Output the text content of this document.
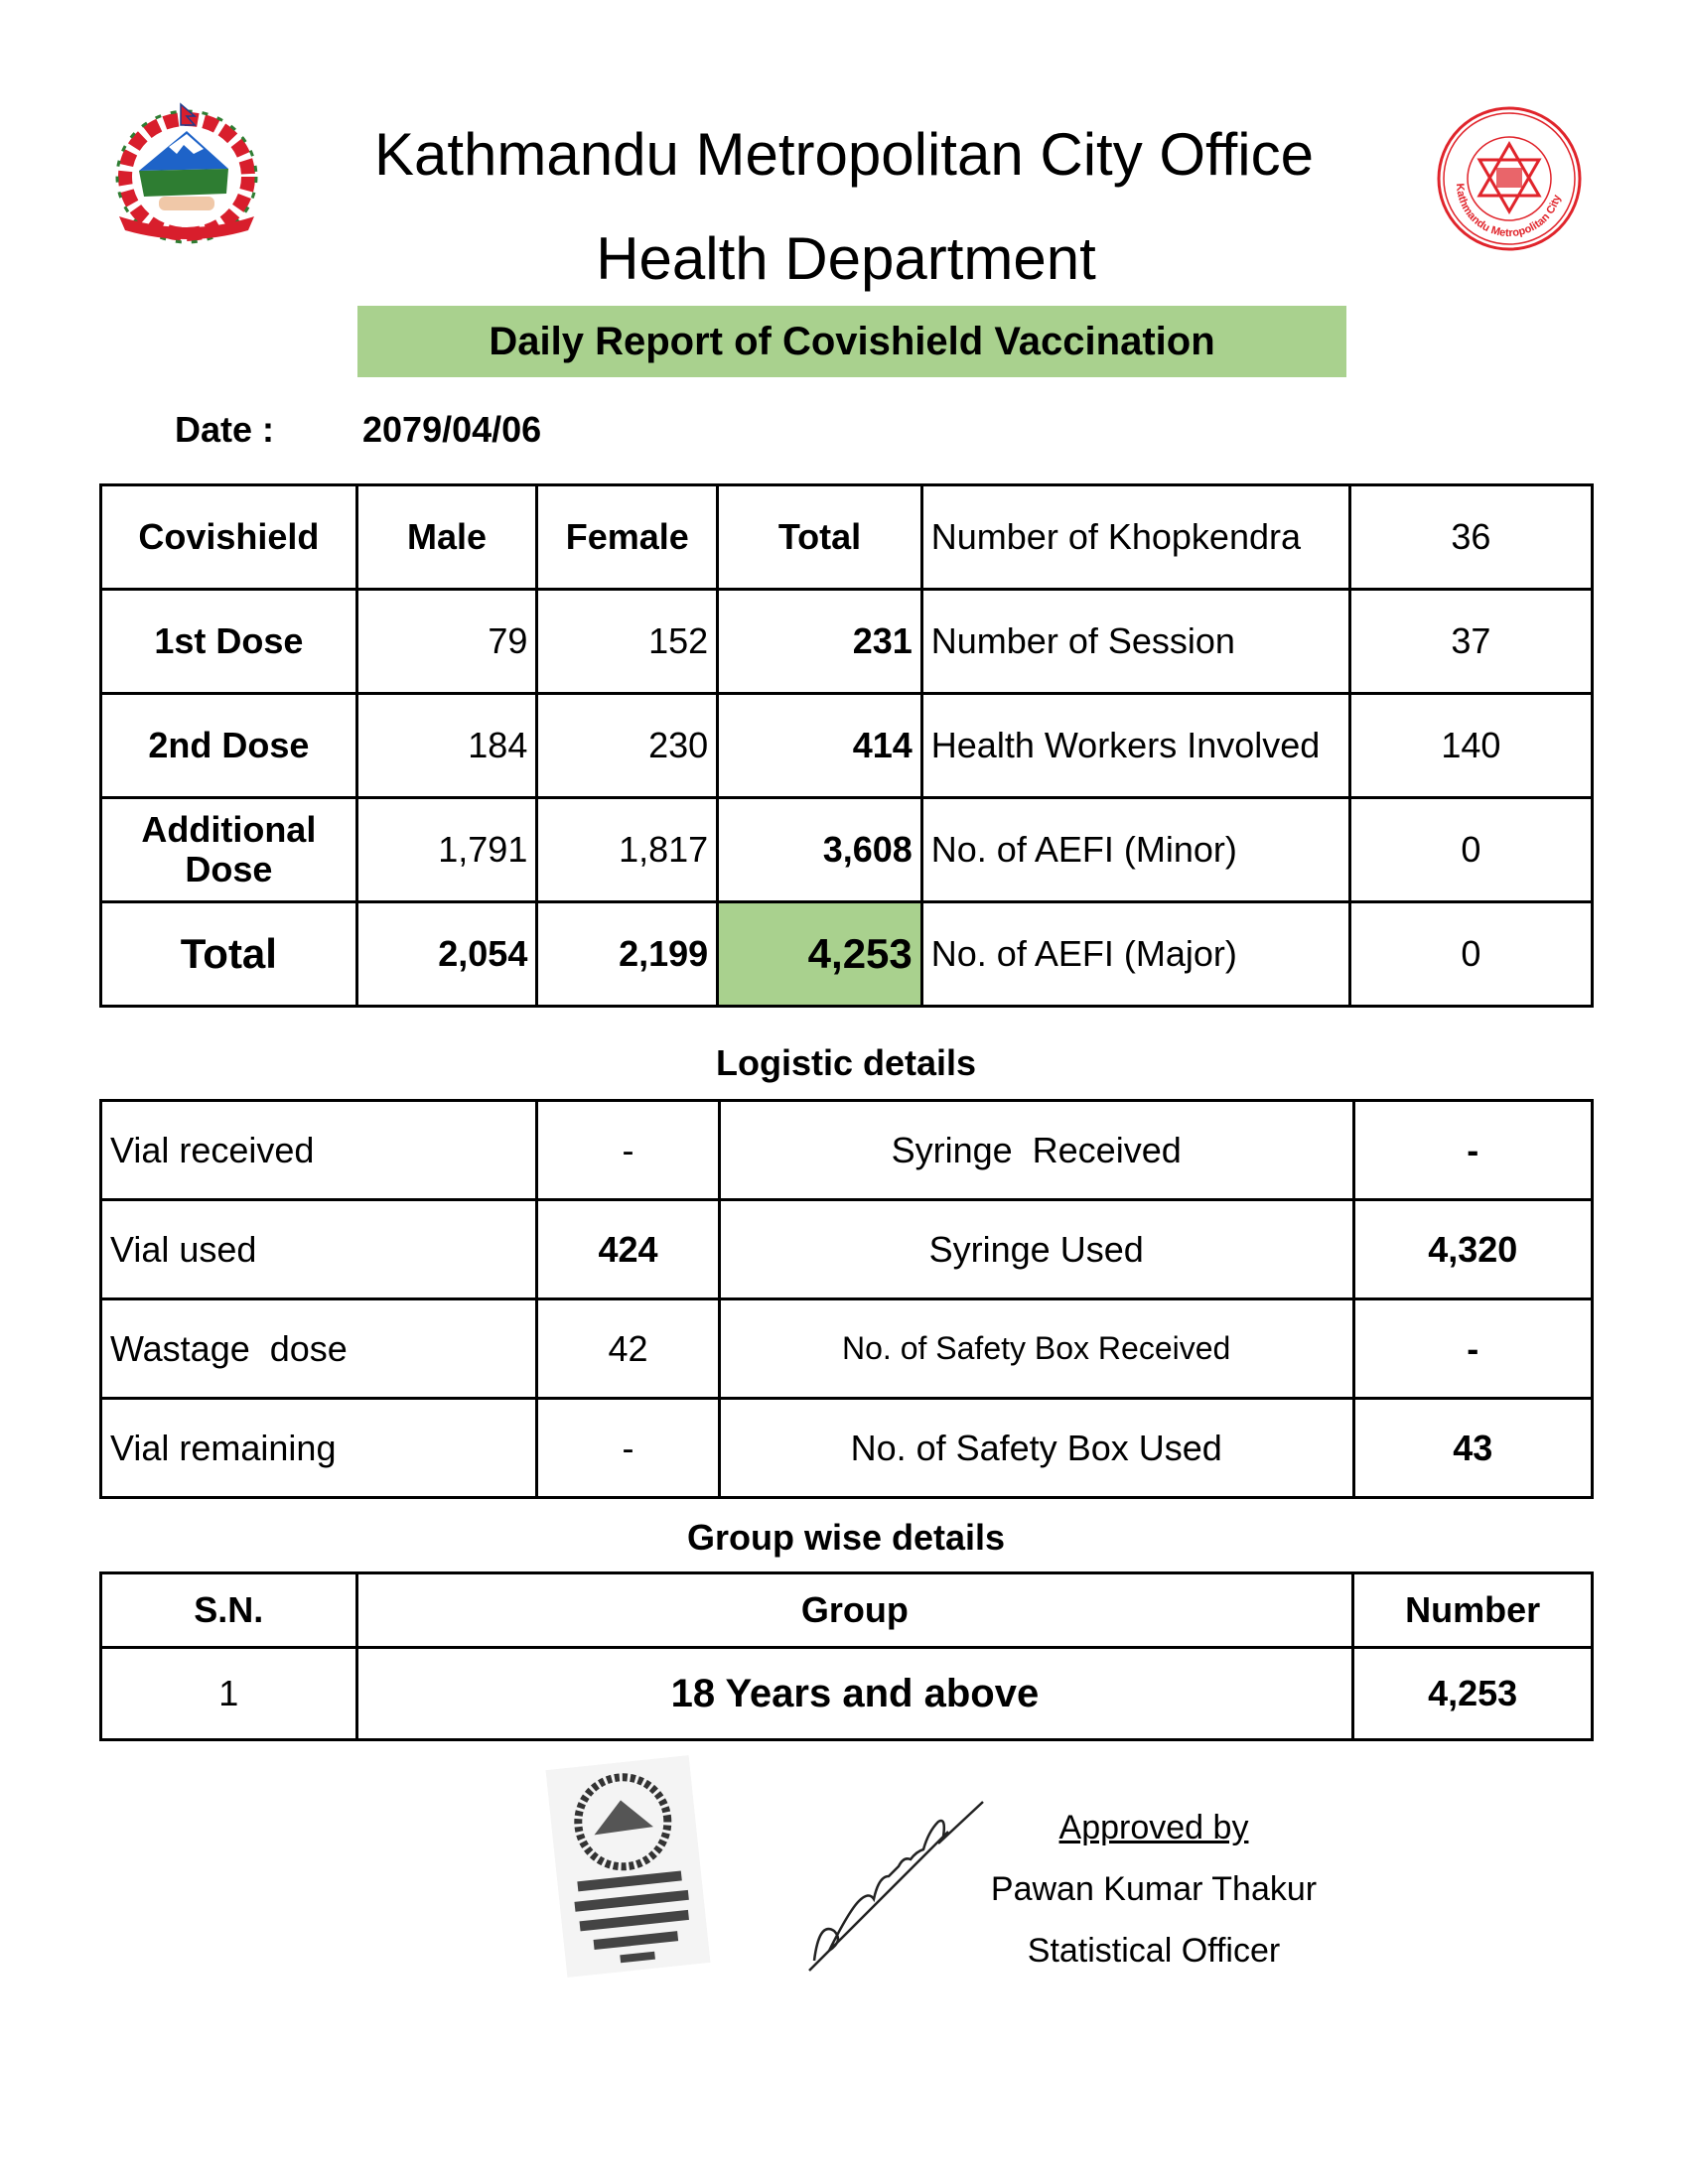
Kathmandu Metropolitan City
Kathmandu Metropolitan City Office
Health Department
Daily Report of Covishield Vaccination
Date : 2079/04/06
Covishield	Male	Female	Total	Number of Khopkendra	36
1st Dose	79	152	231	Number of Session	37
2nd Dose	184	230	414	Health Workers Involved	140
Additional Dose	1,791	1,817	3,608	No. of AEFI (Minor)	0
Total	2,054	2,199	4,253	No. of AEFI (Major)	0
Logistic details
Vial received	-	Syringe  Received	-
Vial used	424	Syringe Used	4,320
Wastage  dose	42	No. of Safety Box Received	-
Vial remaining	-	No. of Safety Box Used	43
Group wise details
S.N.	Group	Number
1	18 Years and above	4,253
Approved by
Pawan Kumar Thakur
Statistical Officer
